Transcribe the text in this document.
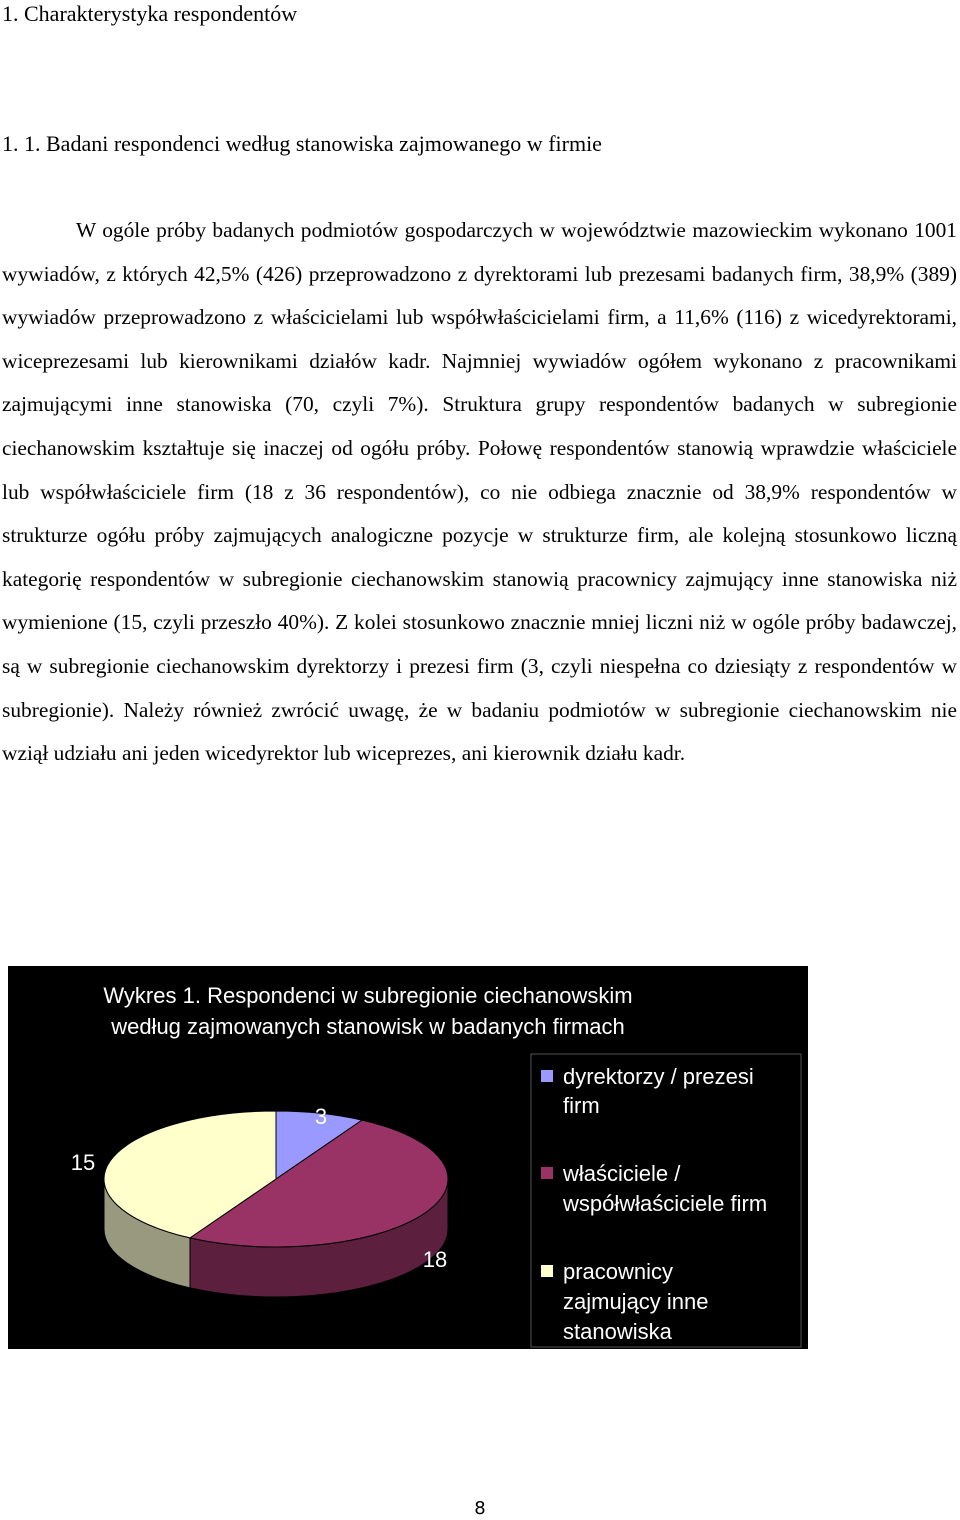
1. Charakterystyka respondentów
1. 1. Badani respondenci według stanowiska zajmowanego w firmie

W ogóle próby badanych podmiotów gospodarczych w województwie mazowieckim wykonano 1001 wywiadów, z których 42,5% (426) przeprowadzono z dyrektorami lub prezesami badanych firm, 38,9% (389) wywiadów przeprowadzono z właścicielami lub współwłaścicielami firm, a 11,6% (116) z wicedyrektorami, wiceprezesami lub kierownikami działów kadr. Najmniej wywiadów ogółem wykonano z pracownikami zajmującymi inne stanowiska (70, czyli 7%). Struktura grupy respondentów badanych w subregionie ciechanowskim kształtuje się inaczej od ogółu próby. Połowę respondentów stanowią wprawdzie właściciele lub współwłaściciele firm (18 z 36 respondentów), co nie odbiega znacznie od 38,9% respondentów w strukturze ogółu próby zajmujących analogiczne pozycje w strukturze firm, ale kolejną stosunkowo liczną kategorię respondentów w subregionie ciechanowskim stanowią pracownicy zajmujący inne stanowiska niż wymienione (15, czyli przeszło 40%). Z kolei stosunkowo znacznie mniej liczni niż w ogóle próby badawczej, są w subregionie ciechanowskim dyrektorzy i prezesi firm (3, czyli niespełna co dziesiąty z respondentów w subregionie). Należy również zwrócić uwagę, że w badaniu podmiotów w subregionie ciechanowskim nie wziął udziału ani jeden wicedyrektor lub wiceprezes, ani kierownik działu kadr.

Wykres 1. Respondenci w subregionie ciechanowskim
według zajmowanych stanowisk w badanych firmach
3
18
15
dyrektorzy / prezesi
firm
właściciele /
współwłaściciele firm
pracownicy
zajmujący inne
stanowiska
8
